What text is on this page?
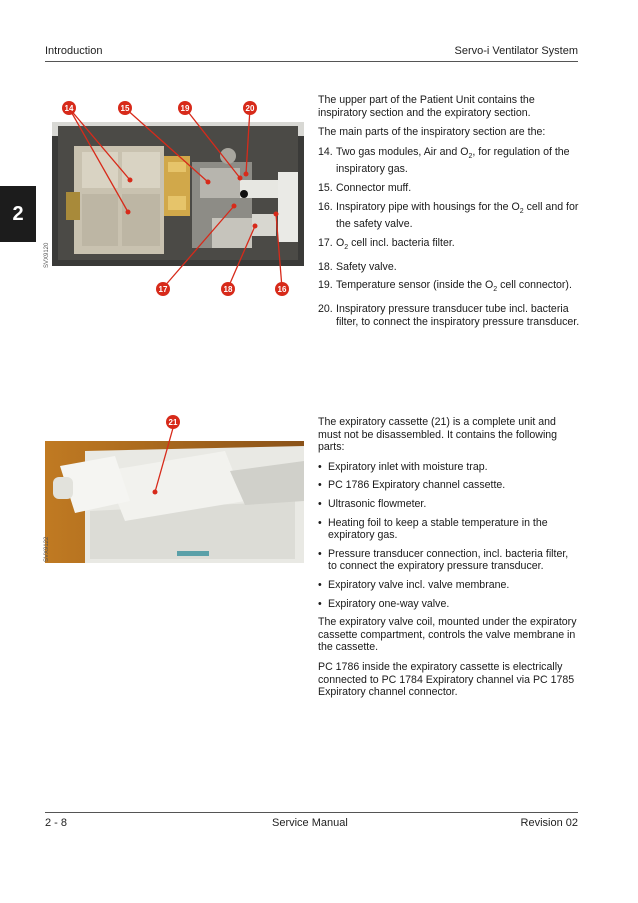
Introduction	Servo-i Ventilator System
2
SVX9120
14	15	19	20
17	18	16

The upper part of the Patient Unit contains the inspiratory section and the expiratory section.

The main parts of the inspiratory section are the:

14. Two gas modules, Air and $O_2$, for regulation of the inspiratory gas.
15. Connector muff.
16. Inspiratory pipe with housings for the $O_2$ cell and for the safety valve.
17. $O_2$ cell incl. bacteria filter.
18. Safety valve.
19. Temperature sensor (inside the $O_2$ cell connector).
20. Inspiratory pressure transducer tube incl. bacteria filter, to connect the inspiratory pressure transducer.
SVX9122
21	The expiratory cassette (21) is a complete unit and must not be disassembled. It contains the following parts:

• Expiratory inlet with moisture trap.
• PC 1786 Expiratory channel cassette.
• Ultrasonic flowmeter.
• Heating foil to keep a stable temperature in the expiratory gas.
• Pressure transducer connection, incl. bacteria filter, to connect the expiratory pressure transducer.
• Expiratory valve incl. valve membrane.
• Expiratory one-way valve.

The expiratory valve coil, mounted under the expiratory cassette compartment, controls the valve membrane in the cassette.

PC 1786 inside the expiratory cassette is electrically connected to PC 1784 Expiratory channel via PC 1785 Expiratory channel connector.

2 - 8	Service Manual	Revision 02
